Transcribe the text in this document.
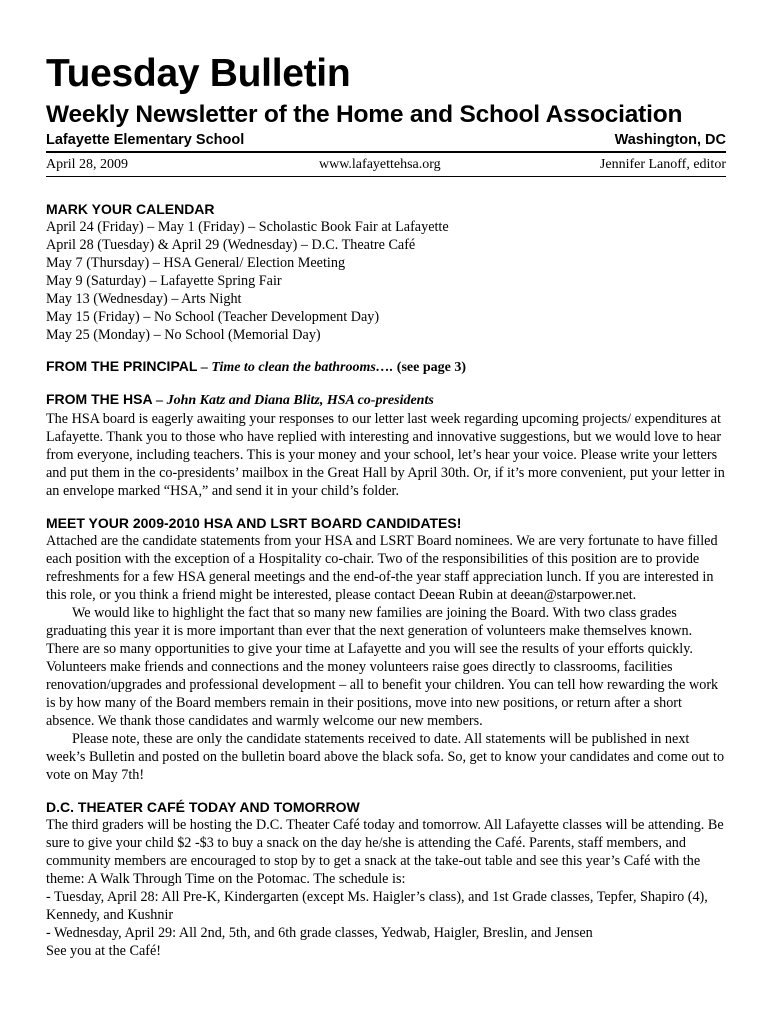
Tuesday Bulletin
Weekly Newsletter of the Home and School Association
Lafayette Elementary School	Washington, DC
April 28, 2009	www.lafayettehsa.org	Jennifer Lanoff, editor
MARK YOUR CALENDAR
April 24 (Friday) – May 1 (Friday) – Scholastic Book Fair at Lafayette
April 28 (Tuesday) & April 29 (Wednesday) – D.C. Theatre Café
May 7 (Thursday) – HSA General/ Election Meeting
May 9 (Saturday) – Lafayette Spring Fair
May 13 (Wednesday) – Arts Night
May 15 (Friday) – No School (Teacher Development Day)
May 25 (Monday) – No School (Memorial Day)
FROM THE PRINCIPAL – Time to clean the bathrooms…. (see page 3)
FROM THE HSA – John Katz and Diana Blitz, HSA co-presidents

The HSA board is eagerly awaiting your responses to our letter last week regarding upcoming projects/ expenditures at Lafayette. Thank you to those who have replied with interesting and innovative suggestions, but we would love to hear from everyone, including teachers. This is your money and your school, let’s hear your voice. Please write your letters and put them in the co-presidents’ mailbox in the Great Hall by April 30th. Or, if it’s more convenient, put your letter in an envelope marked “HSA,” and send it in your child’s folder.

MEET YOUR 2009-2010 HSA AND LSRT BOARD CANDIDATES!

Attached are the candidate statements from your HSA and LSRT Board nominees. We are very fortunate to have filled each position with the exception of a Hospitality co-chair. Two of the responsibilities of this position are to provide refreshments for a few HSA general meetings and the end-of-the year staff appreciation lunch. If you are interested in this role, or you think a friend might be interested, please contact Deean Rubin at deean@starpower.net.

We would like to highlight the fact that so many new families are joining the Board. With two class grades graduating this year it is more important than ever that the next generation of volunteers make themselves known. There are so many opportunities to give your time at Lafayette and you will see the results of your efforts quickly. Volunteers make friends and connections and the money volunteers raise goes directly to classrooms, facilities renovation/upgrades and professional development – all to benefit your children. You can tell how rewarding the work is by how many of the Board members remain in their positions, move into new positions, or return after a short absence. We thank those candidates and warmly welcome our new members.

Please note, these are only the candidate statements received to date. All statements will be published in next week’s Bulletin and posted on the bulletin board above the black sofa. So, get to know your candidates and come out to vote on May 7th!

D.C. THEATER CAFÉ TODAY AND TOMORROW

The third graders will be hosting the D.C. Theater Café today and tomorrow. All Lafayette classes will be attending. Be sure to give your child $2 -$3 to buy a snack on the day he/she is attending the Café. Parents, staff members, and community members are encouraged to stop by to get a snack at the take-out table and see this year’s Café with the theme: A Walk Through Time on the Potomac. The schedule is:

- Tuesday, April 28: All Pre-K, Kindergarten (except Ms. Haigler’s class), and 1st Grade classes, Tepfer, Shapiro (4), Kennedy, and Kushnir

- Wednesday, April 29: All 2nd, 5th, and 6th grade classes, Yedwab, Haigler, Breslin, and Jensen

See you at the Café!
